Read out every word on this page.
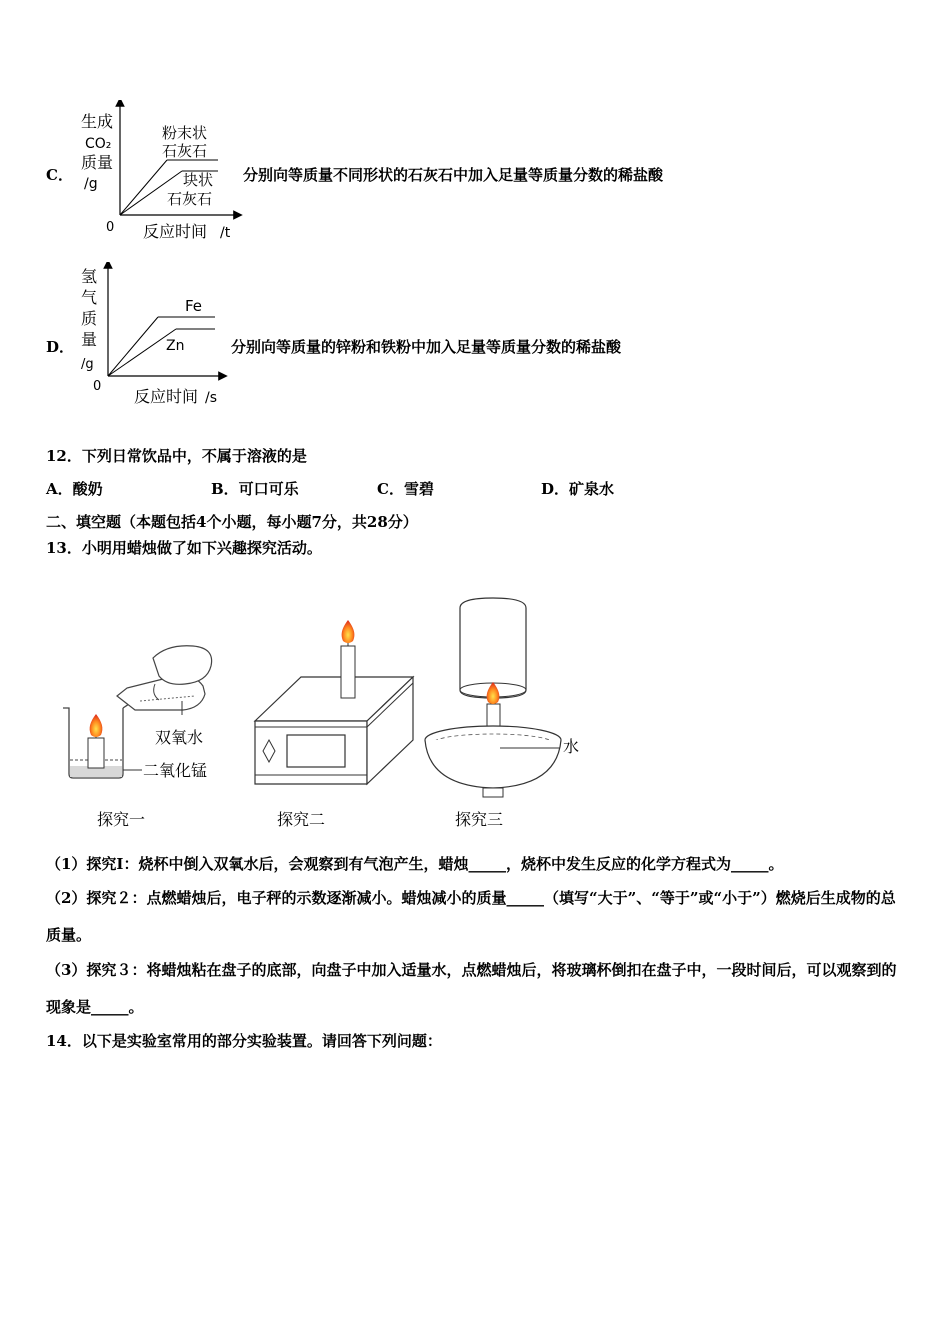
C．
生成
CO₂
质量
/g
粉末状
石灰石
块状
石灰石
0 反应时间 /t
分别向等质量不同形状的石灰石中加入足量等质量分数的稀盐酸
D．
氢
气
质
量
/g
Fe
Zn
0
反应时间 /s
分别向等质量的锌粉和铁粉中加入足量等质量分数的稀盐酸
12．下列日常饮品中，不属于溶液的是
A．酸奶	B．可口可乐	C．雪碧	D．矿泉水
二、填空题（本题包括4个小题，每小题7分，共28分）
13．小明用蜡烛做了如下兴趣探究活动。
双氧水
二氧化锰
探究一	探究二
水
探究三
（1）探究Ⅰ：烧杯中倒入双氧水后，会观察到有气泡产生，蜡烛_____，烧杯中发生反应的化学方程式为_____。
（2）探究２：点燃蜡烛后，电子秤的示数逐渐减小。蜡烛减小的质量_____（填写“大于”、“等于”或“小于”）燃烧后生成物的总质量。
（3）探究３：将蜡烛粘在盘子的底部，向盘子中加入适量水，点燃蜡烛后，将玻璃杯倒扣在盘子中，一段时间后，可以观察到的现象是_____。
14．以下是实验室常用的部分实验装置。请回答下列问题：
